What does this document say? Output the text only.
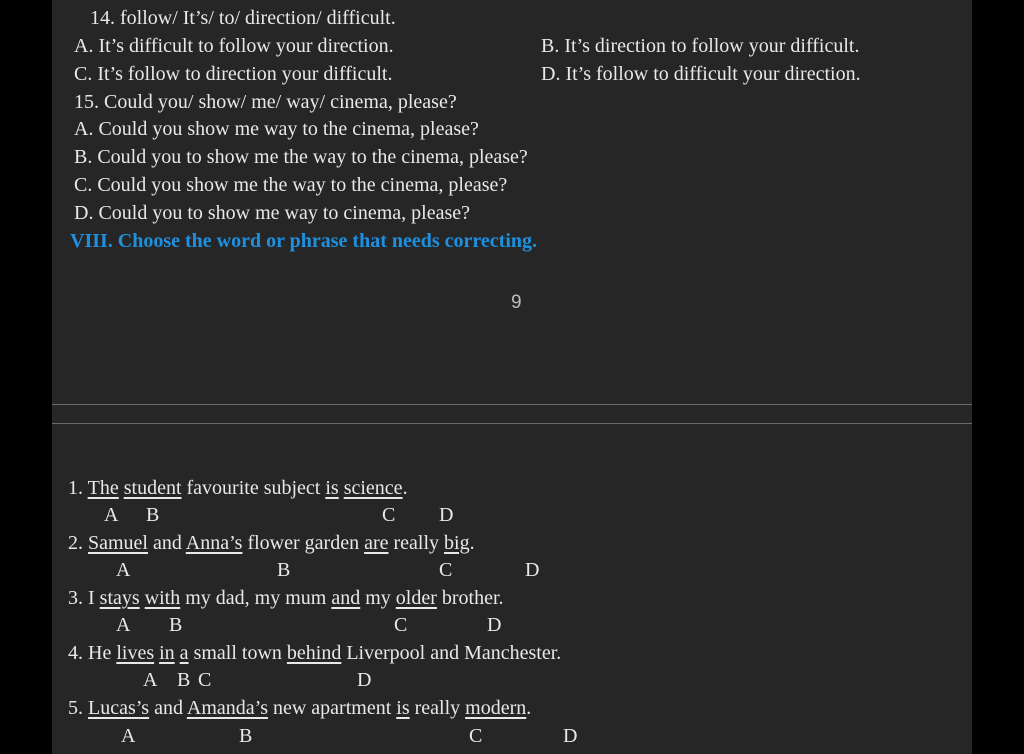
14. follow/ It’s/ to/ direction/ difficult.
A. It’s difficult to follow your direction.	B. It’s direction to follow your difficult.
C. It’s follow to direction your difficult.	D. It’s follow to difficult your direction.
15. Could you/ show/ me/ way/ cinema, please?
A. Could you show me way to the cinema, please?
B. Could you to show me the way to the cinema, please?
C. Could you show me the way to the cinema, please?
D. Could you to show me way to cinema, please?
VIII. Choose the word or phrase that needs correcting.
9
1. The student favourite subject is science.
A B	C D
2. Samuel and Anna’s flower garden are really big.
A	B	C	D
3. I stays with my dad, my mum and my older brother.
A B	C	D
4. He lives in a small town behind Liverpool and Manchester.
A B C	D
5. Lucas’s and Amanda’s new apartment is really modern.
A	B	C	D
